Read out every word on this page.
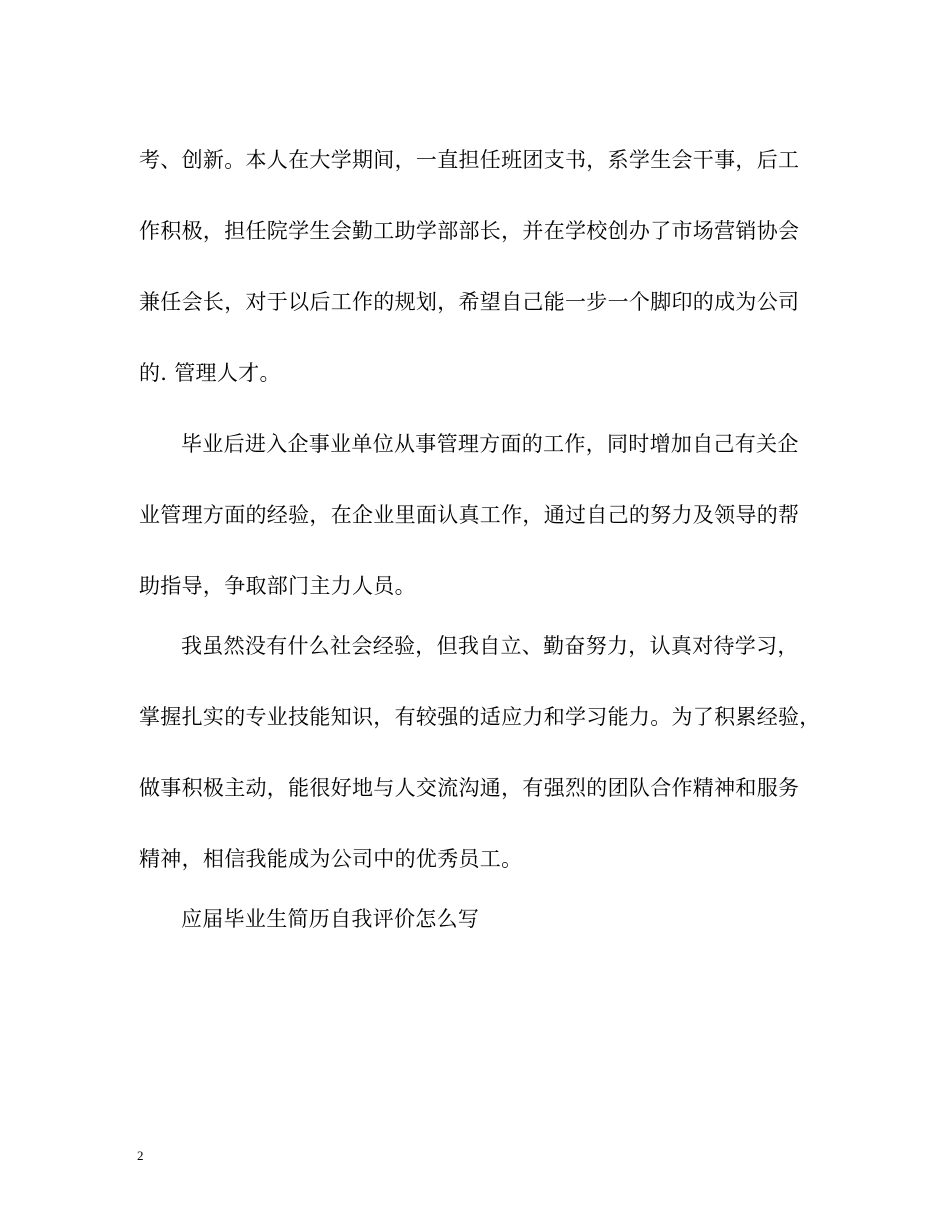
考、创新。本人在大学期间，一直担任班团支书，系学生会干事，后工
作积极，担任院学生会勤工助学部部长，并在学校创办了市场营销协会
兼任会长，对于以后工作的规划，希望自己能一步一个脚印的成为公司
的. 管理人才。
毕业后进入企事业单位从事管理方面的工作，同时增加自己有关企
业管理方面的经验，在企业里面认真工作，通过自己的努力及领导的帮
助指导，争取部门主力人员。
我虽然没有什么社会经验，但我自立、勤奋努力，认真对待学习，
掌握扎实的专业技能知识，有较强的适应力和学习能力。为了积累经验，
做事积极主动，能很好地与人交流沟通，有强烈的团队合作精神和服务
精神，相信我能成为公司中的优秀员工。
应届毕业生简历自我评价怎么写
2
